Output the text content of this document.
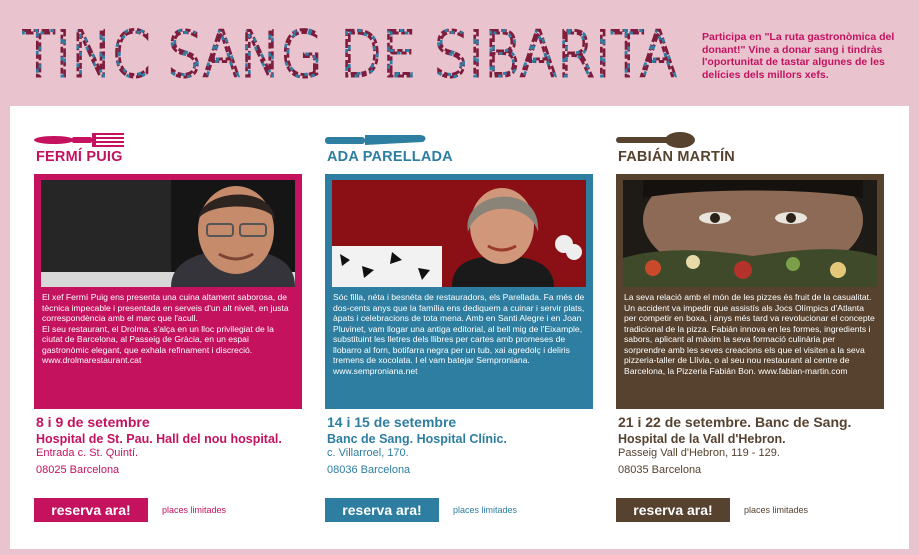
TINC SANG DE SIBARITA
TINC SANG DE SIBARITA Participa en "La ruta gastronòmica del donant!" Vine a donar sang i tindràs l'oportunitat de tastar algunes de les delícies dels millors xefs.
FERMÍ PUIG
El xef Fermí Puig ens presenta una cuina altament saborosa, de tècnica impecable i presentada en serveis d'un alt nivell, en justa correspondència amb el marc que l'acull.
El seu restaurant, el Drolma, s'alça en un lloc privilegiat de la ciutat de Barcelona, al Passeig de Gràcia, en un espai gastronòmic elegant, que exhala refinament i discreció.
www.drolmarestaurant.cat
8 i 9 de setembre
Hospital de St. Pau. Hall del nou hospital.
Entrada c. St. Quintí.
08025 Barcelona
reserva ara!	places limitades
ADA PARELLADA
Sóc filla, néta i besnéta de restauradors, els Parellada. Fa més de dos-cents anys que la família ens dediquem a cuinar i servir plats, àpats i celebracions de tota mena. Amb en Santi Alegre i en Joan Pluvinet, vam llogar una antiga editorial, al bell mig de l'Eixample, substituint les lletres dels llibres per cartes amb promeses de llobarro al forn, botifarra negra per un tub, xai agredolç i deliris tremens de xocolata. I el vam batejar Semproniana.
www.semproniana.net
14 i 15 de setembre
Banc de Sang. Hospital Clínic.
c. Villarroel, 170.
08036 Barcelona
reserva ara!	places limitades
FABIÁN MARTÍN
La seva relació amb el món de les pizzes és fruit de la casualitat. Un accident va impedir que assistís als Jocs Olímpics d'Atlanta per competir en boxa, i anys més tard va revolucionar el concepte tradicional de la pizza. Fabián innova en les formes, ingredients i sabors, aplicant al màxim la seva formació culinària per sorprendre amb les seves creacions els que el visiten a la seva pizzeria-taller de Llívia, o al seu nou restaurant al centre de Barcelona, la Pizzeria Fabián Bon. www.fabian-martin.com
21 i 22 de setembre. Banc de Sang.
Hospital de la Vall d'Hebron.
Passeig Vall d'Hebron, 119 - 129.
08035 Barcelona
reserva ara!	places limitades
